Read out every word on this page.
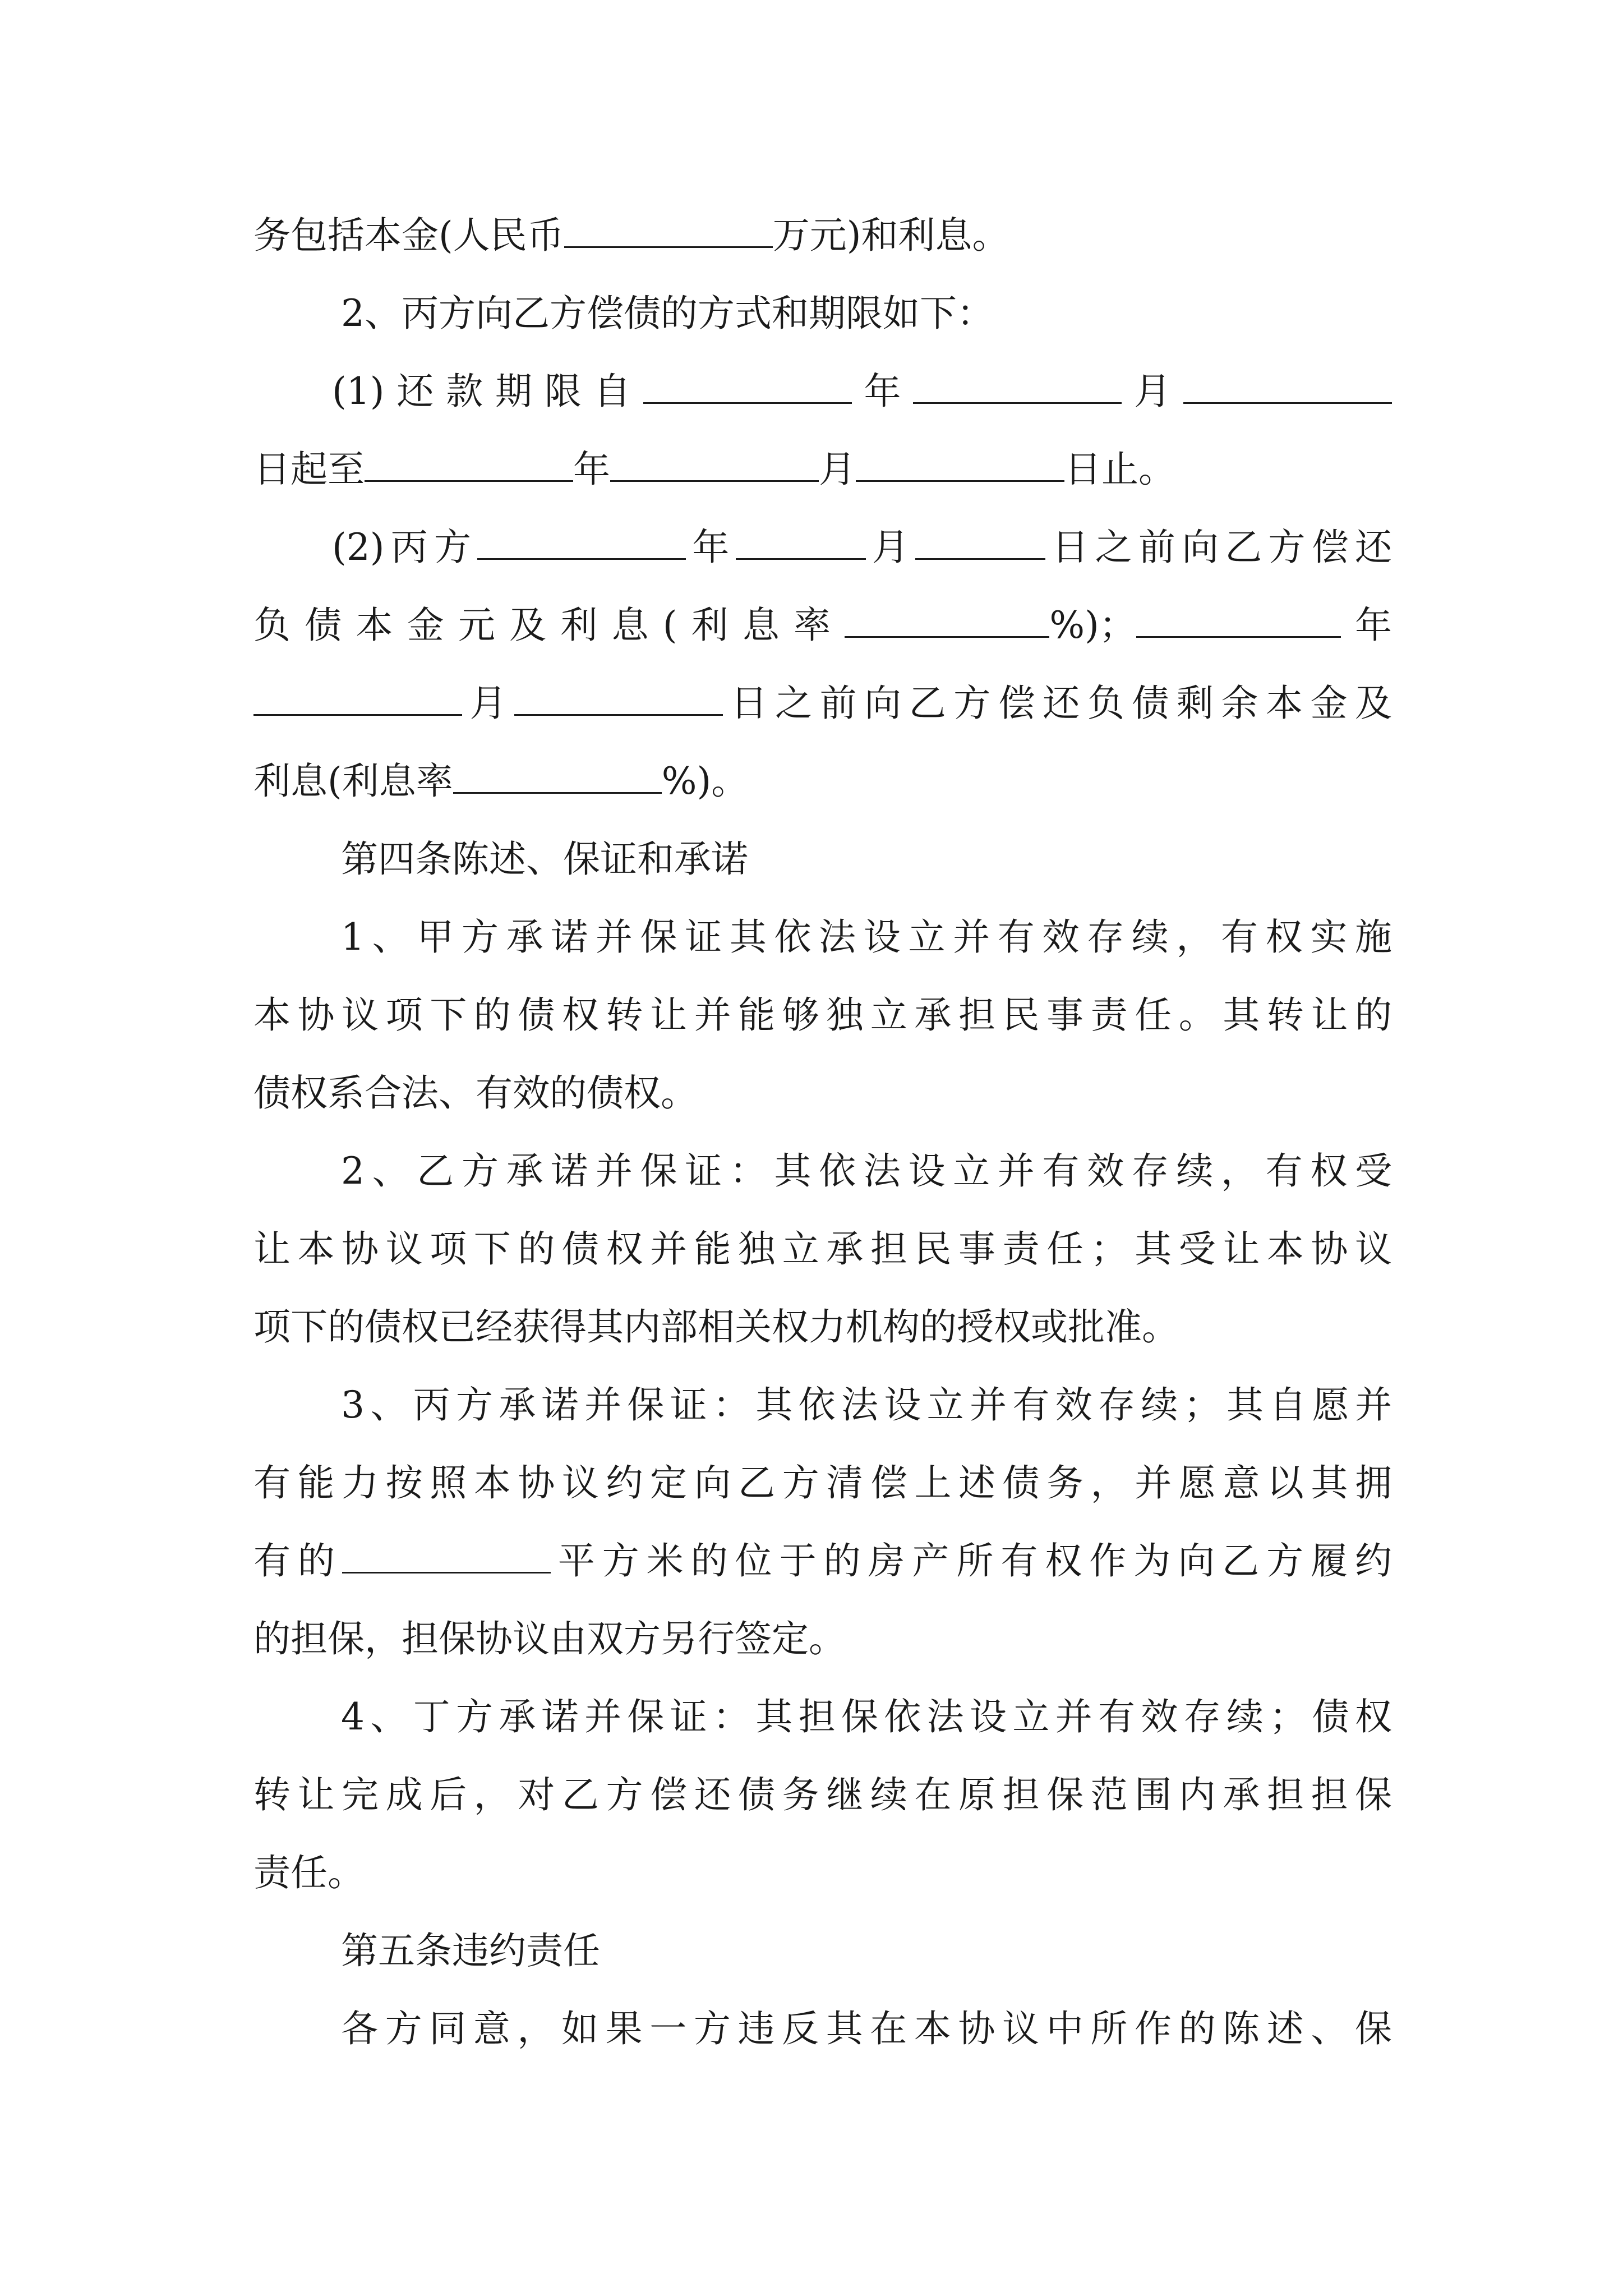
务包括本金(人民币	万元)和利息。
2、丙方向乙方偿债的方式和期限如下：
(1)还款期限自	年	月
日起至	年	月	日止。
(2)丙方	年	月	日之前向乙方偿还
负债本金元及利息(利息率	%)；	年
月	日之前向乙方偿还负债剩余本金及
利息(利息率	%)。
第四条陈述、保证和承诺
1、甲方承诺并保证其依法设立并有效存续，有权实施
本协议项下的债权转让并能够独立承担民事责任。其转让的
债权系合法、有效的债权。
2、乙方承诺并保证：其依法设立并有效存续，有权受
让本协议项下的债权并能独立承担民事责任；其受让本协议
项下的债权已经获得其内部相关权力机构的授权或批准。
3、丙方承诺并保证：其依法设立并有效存续；其自愿并
有能力按照本协议约定向乙方清偿上述债务，并愿意以其拥
有的	平方米的位于的房产所有权作为向乙方履约
的担保，担保协议由双方另行签定。
4、丁方承诺并保证：其担保依法设立并有效存续；债权
转让完成后，对乙方偿还债务继续在原担保范围内承担担保
责任。
第五条违约责任
各方同意，如果一方违反其在本协议中所作的陈述、保
